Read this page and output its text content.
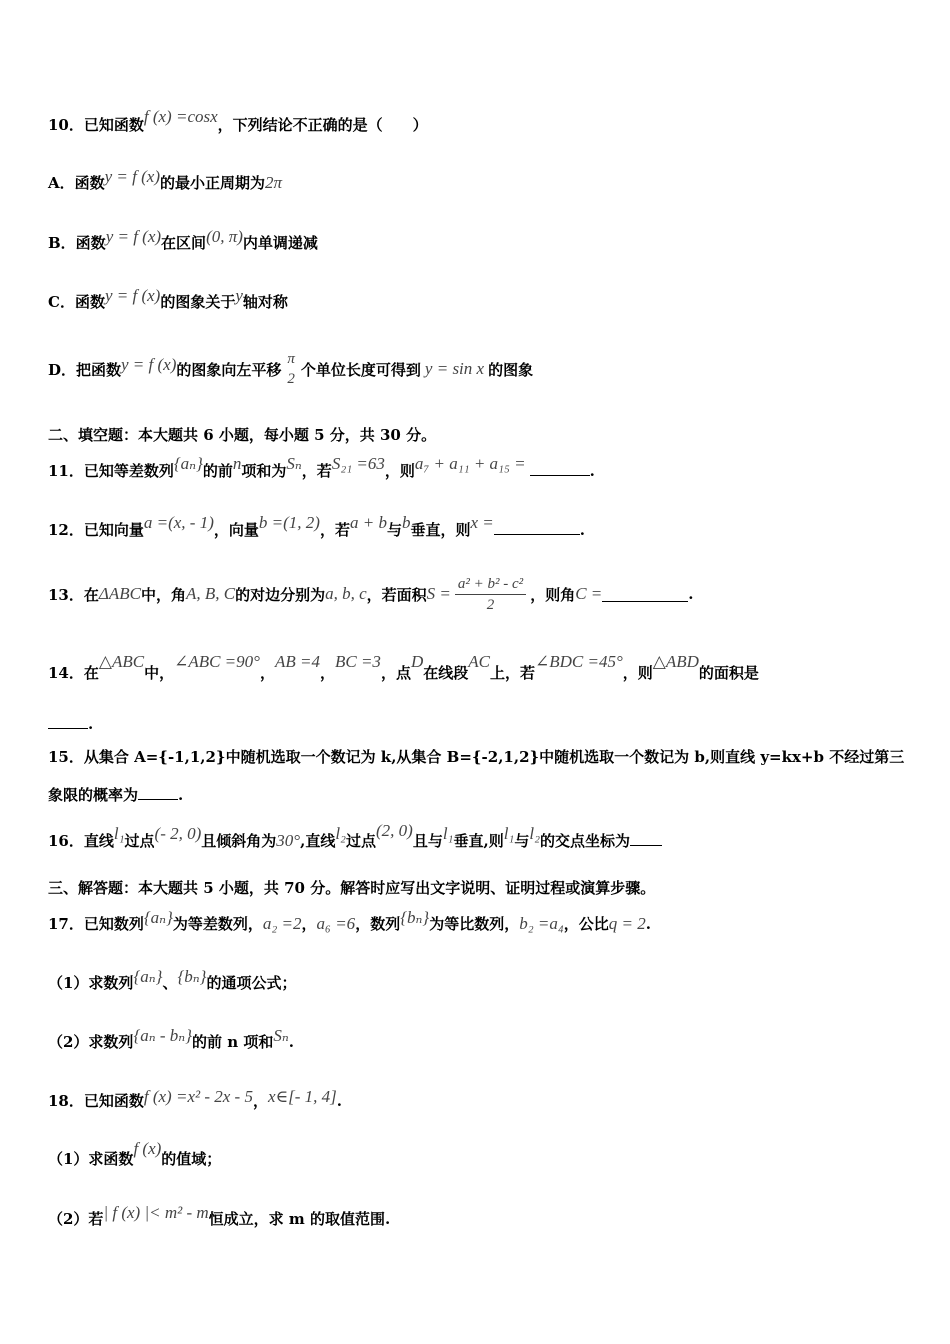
10．已知函数f (x) =cosx，下列结论不正确的是（　　）
A．函数y = f (x)的最小正周期为2π
B．函数y = f (x)在区间(0, π)内单调递减
C．函数y = f (x)的图象关于y轴对称
D．把函数 y = f (x) 的图象向左平移
π
2
个单位长度可得到 y = sin x 的图象
二、填空题：本大题共 6 小题，每小题 5 分，共 30 分。
11．已知等差数列{aₙ}的前n项和为Sₙ，若S₂₁ =63，则a₇ + a₁₁ + a₁₅ =	.
12．已知向量a =(x, - 1)，向量b =(1, 2)，若a + b与b垂直，则x =	.
13．在 ΔABC 中，角 A, B, C 的对边分别为 a, b, c ，若面积 $S = \frac{\text{a² + b² - c²}}{2}$ ，则角 C =	.
14．在△ABC中，∠ABC =90°，AB =4，BC =3，点D在线段AC上，若∠BDC =45°，则△ABD的面积是
.
15．从集合 A={-1,1,2}中随机选取一个数记为 k,从集合 B={-2,1,2}中随机选取一个数记为 b,则直线 y=kx+b 不经过第三
象限的概率为	.
16．直线l₁过点(- 2, 0)且倾斜角为30°,直线l₂过点(2, 0)且与l₁垂直,则l₁与l₂的交点坐标为
三、解答题：本大题共 5 小题，共 70 分。解答时应写出文字说明、证明过程或演算步骤。
17．已知数列{aₙ}为等差数列，a₂ =2，a₆ =6，数列{bₙ}为等比数列，b₂ =a₄，公比q = 2.
（1）求数列{aₙ}、{bₙ}的通项公式；
（2）求数列{aₙ - bₙ}的前 n 项和Sₙ.
18．已知函数f (x) =x² - 2x - 5，x∈[- 1, 4].
（1）求函数f (x)的值域；
（2）若| f (x) |< m² - m恒成立，求 m 的取值范围.
